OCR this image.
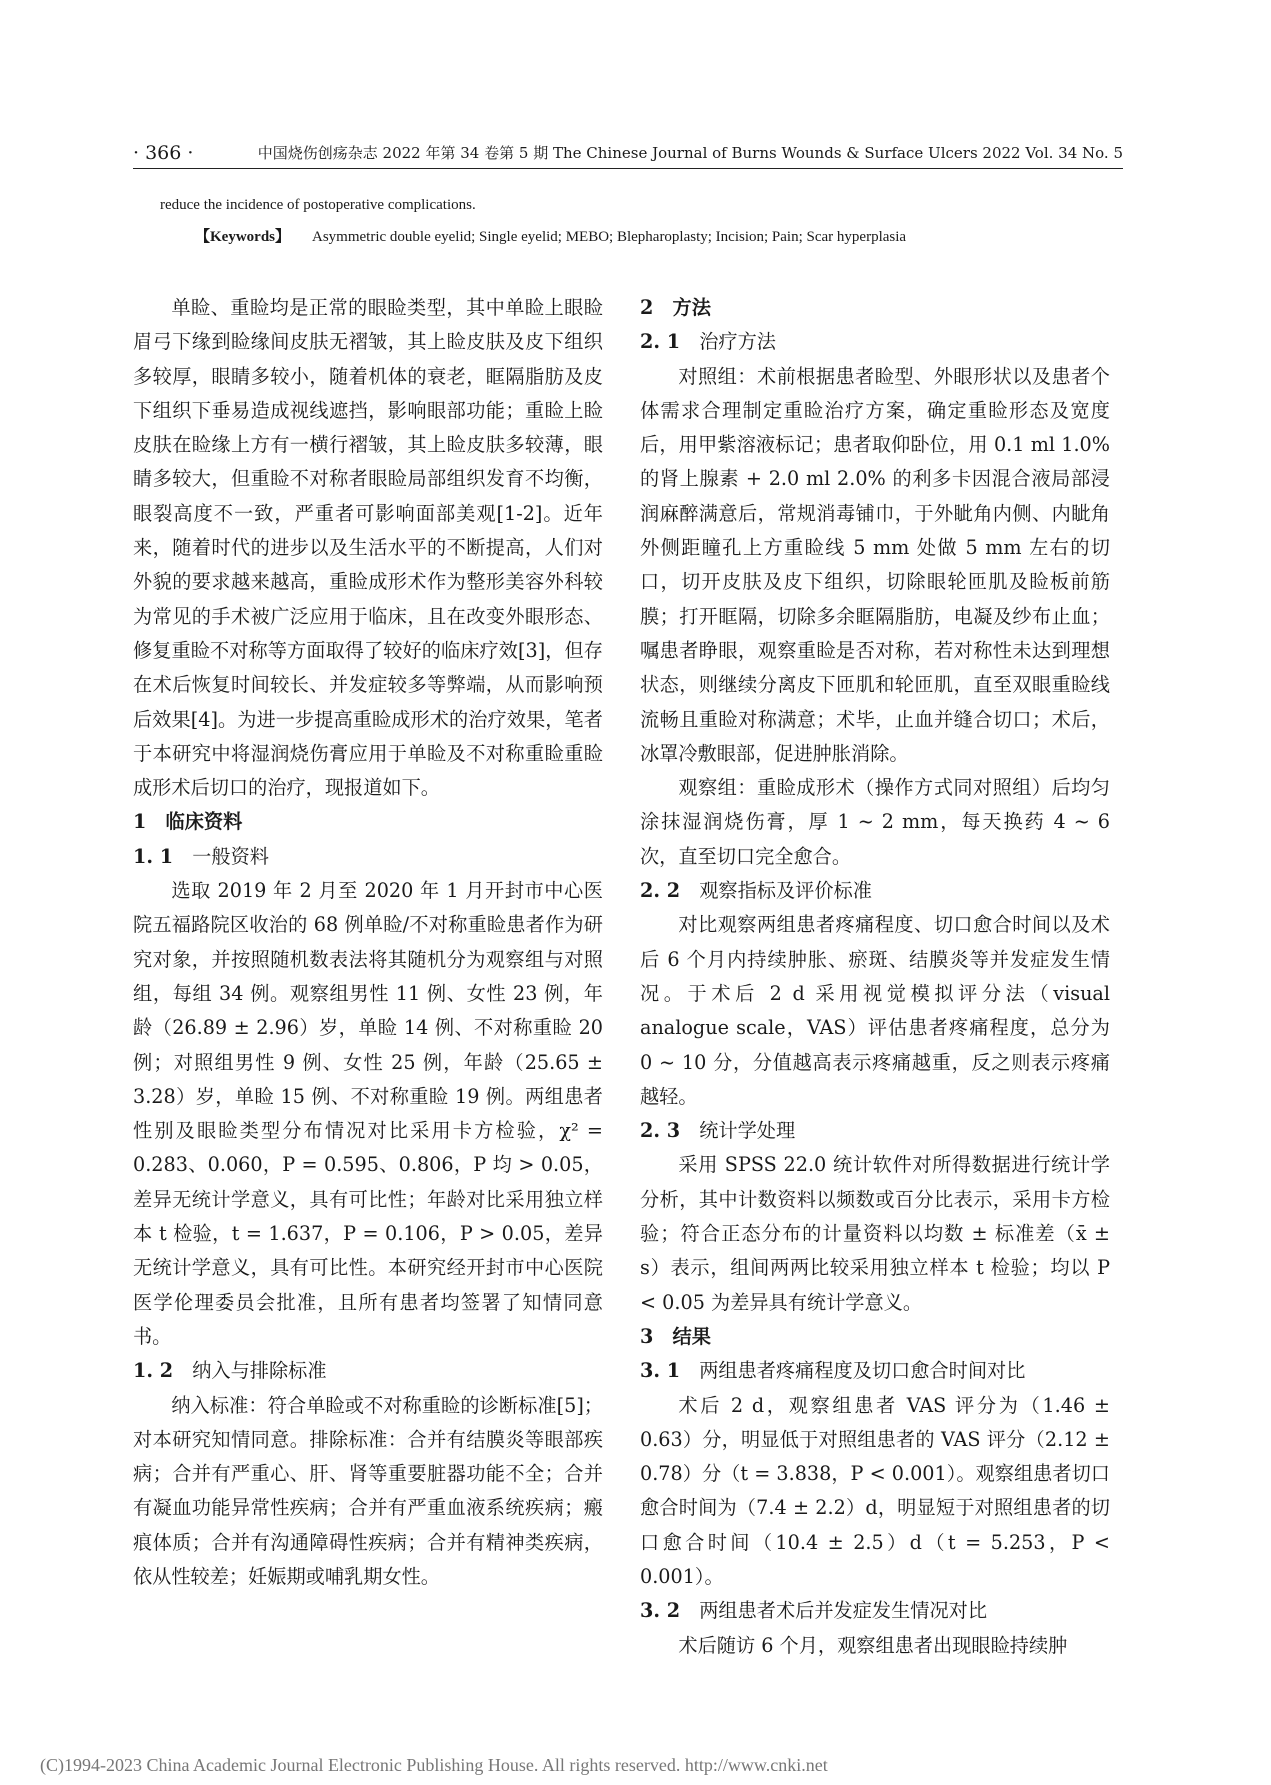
· 366 ·	中国烧伤创疡杂志 2022 年第 34 卷第 5 期 The Chinese Journal of Burns Wounds & Surface Ulcers 2022 Vol. 34 No. 5
reduce the incidence of postoperative complications.
【Keywords】 Asymmetric double eyelid; Single eyelid; MEBO; Blepharoplasty; Incision; Pain; Scar hyperplasia

单睑、重睑均是正常的眼睑类型，其中单睑上眼睑眉弓下缘到睑缘间皮肤无褶皱，其上睑皮肤及皮下组织多较厚，眼睛多较小，随着机体的衰老，眶隔脂肪及皮下组织下垂易造成视线遮挡，影响眼部功能；重睑上睑皮肤在睑缘上方有一横行褶皱，其上睑皮肤多较薄，眼睛多较大，但重睑不对称者眼睑局部组织发育不均衡，眼裂高度不一致，严重者可影响面部美观[1-2]。近年来，随着时代的进步以及生活水平的不断提高，人们对外貌的要求越来越高，重睑成形术作为整形美容外科较为常见的手术被广泛应用于临床，且在改变外眼形态、修复重睑不对称等方面取得了较好的临床疗效[3]，但存在术后恢复时间较长、并发症较多等弊端，从而影响预后效果[4]。为进一步提高重睑成形术的治疗效果，笔者于本研究中将湿润烧伤膏应用于单睑及不对称重睑重睑成形术后切口的治疗，现报道如下。

1 临床资料
1. 1 一般资料

选取 2019 年 2 月至 2020 年 1 月开封市中心医院五福路院区收治的 68 例单睑/不对称重睑患者作为研究对象，并按照随机数表法将其随机分为观察组与对照组，每组 34 例。观察组男性 11 例、女性 23 例，年龄（26.89 ± 2.96）岁，单睑 14 例、不对称重睑 20 例；对照组男性 9 例、女性 25 例，年龄（25.65 ± 3.28）岁，单睑 15 例、不对称重睑 19 例。两组患者性别及眼睑类型分布情况对比采用卡方检验，χ² = 0.283、0.060，P = 0.595、0.806，P 均 > 0.05，差异无统计学意义，具有可比性；年龄对比采用独立样本 t 检验，t = 1.637，P = 0.106，P > 0.05，差异无统计学意义，具有可比性。本研究经开封市中心医院医学伦理委员会批准，且所有患者均签署了知情同意书。

1. 2 纳入与排除标准

纳入标准：符合单睑或不对称重睑的诊断标准[5]；对本研究知情同意。排除标准：合并有结膜炎等眼部疾病；合并有严重心、肝、肾等重要脏器功能不全；合并有凝血功能异常性疾病；合并有严重血液系统疾病；瘢痕体质；合并有沟通障碍性疾病；合并有精神类疾病，依从性较差；妊娠期或哺乳期女性。

2 方法
2. 1 治疗方法

对照组：术前根据患者睑型、外眼形状以及患者个体需求合理制定重睑治疗方案，确定重睑形态及宽度后，用甲紫溶液标记；患者取仰卧位，用 0.1 ml 1.0% 的肾上腺素 + 2.0 ml 2.0% 的利多卡因混合液局部浸润麻醉满意后，常规消毒铺巾，于外眦角内侧、内眦角外侧距瞳孔上方重睑线 5 mm 处做 5 mm 左右的切口，切开皮肤及皮下组织，切除眼轮匝肌及睑板前筋膜；打开眶隔，切除多余眶隔脂肪，电凝及纱布止血；嘱患者睁眼，观察重睑是否对称，若对称性未达到理想状态，则继续分离皮下匝肌和轮匝肌，直至双眼重睑线流畅且重睑对称满意；术毕，止血并缝合切口；术后，冰罩冷敷眼部，促进肿胀消除。

观察组：重睑成形术（操作方式同对照组）后均匀涂抹湿润烧伤膏，厚 1 ~ 2 mm，每天换药 4 ~ 6 次，直至切口完全愈合。

2. 2 观察指标及评价标准

对比观察两组患者疼痛程度、切口愈合时间以及术后 6 个月内持续肿胀、瘀斑、结膜炎等并发症发生情况。于术后 2 d 采用视觉模拟评分法（visual analogue scale，VAS）评估患者疼痛程度，总分为 0 ~ 10 分，分值越高表示疼痛越重，反之则表示疼痛越轻。

2. 3 统计学处理

采用 SPSS 22.0 统计软件对所得数据进行统计学分析，其中计数资料以频数或百分比表示，采用卡方检验；符合正态分布的计量资料以均数 ± 标准差（x̄ ± s）表示，组间两两比较采用独立样本 t 检验；均以 P < 0.05 为差异具有统计学意义。

3 结果
3. 1 两组患者疼痛程度及切口愈合时间对比

术后 2 d，观察组患者 VAS 评分为（1.46 ± 0.63）分，明显低于对照组患者的 VAS 评分（2.12 ± 0.78）分（t = 3.838，P < 0.001）。观察组患者切口愈合时间为（7.4 ± 2.2）d，明显短于对照组患者的切口愈合时间（10.4 ± 2.5）d（t = 5.253，P < 0.001）。

3. 2 两组患者术后并发症发生情况对比

术后随访 6 个月，观察组患者出现眼睑持续肿

(C)1994-2023 China Academic Journal Electronic Publishing House. All rights reserved. http://www.cnki.net
